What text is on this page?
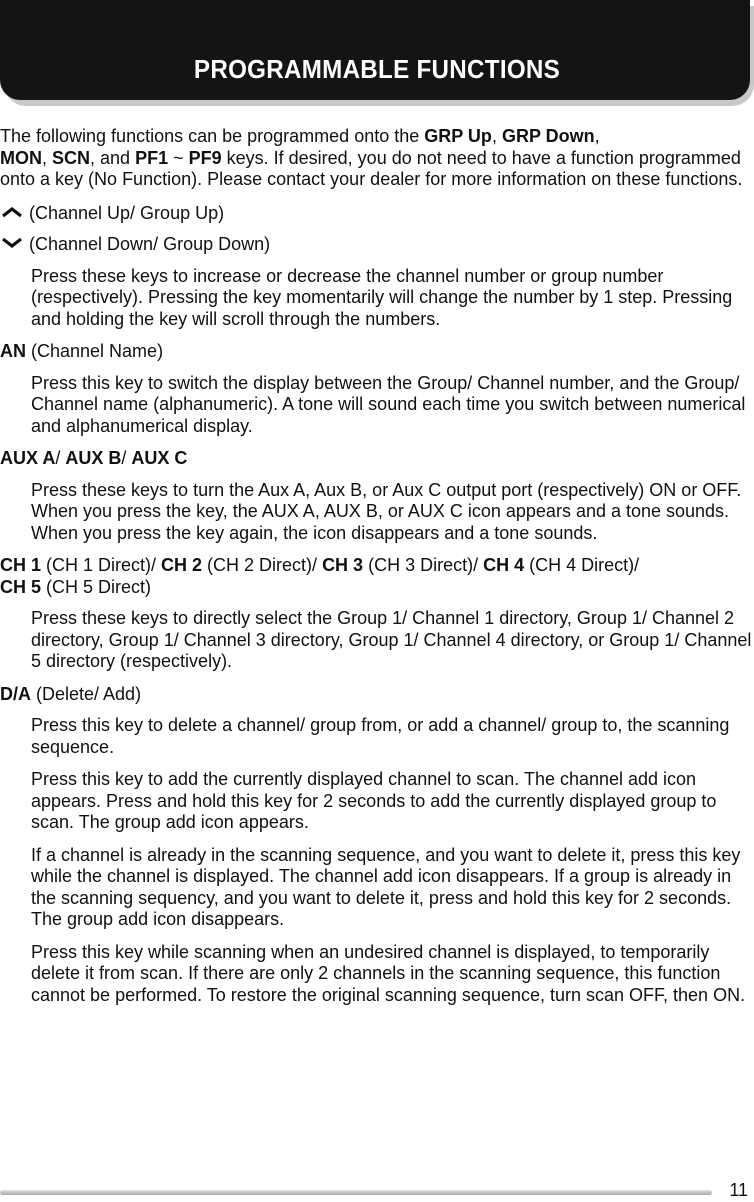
PROGRAMMABLE FUNCTIONS

The following functions can be programmed onto the GRP Up, GRP Down,
MON, SCN, and PF1 ~ PF9 keys. If desired, you do not need to have a function programmed onto a key (No Function). Please contact your dealer for more information on these functions.

(Channel Up/ Group Up)

(Channel Down/ Group Down)

Press these keys to increase or decrease the channel number or group number (respectively). Pressing the key momentarily will change the number by 1 step. Pressing and holding the key will scroll through the numbers.

AN (Channel Name)

Press this key to switch the display between the Group/ Channel number, and the Group/ Channel name (alphanumeric). A tone will sound each time you switch between numerical and alphanumerical display.

AUX A/ AUX B/ AUX C

Press these keys to turn the Aux A, Aux B, or Aux C output port (respectively) ON or OFF. When you press the key, the AUX A, AUX B, or AUX C icon appears and a tone sounds. When you press the key again, the icon disappears and a tone sounds.

CH 1 (CH 1 Direct)/ CH 2 (CH 2 Direct)/ CH 3 (CH 3 Direct)/ CH 4 (CH 4 Direct)/
CH 5 (CH 5 Direct)

Press these keys to directly select the Group 1/ Channel 1 directory, Group 1/ Channel 2 directory, Group 1/ Channel 3 directory, Group 1/ Channel 4 directory, or Group 1/ Channel 5 directory (respectively).

D/A (Delete/ Add)

Press this key to delete a channel/ group from, or add a channel/ group to, the scanning sequence.

Press this key to add the currently displayed channel to scan. The channel add icon appears. Press and hold this key for 2 seconds to add the currently displayed group to scan. The group add icon appears.

If a channel is already in the scanning sequence, and you want to delete it, press this key while the channel is displayed. The channel add icon disappears. If a group is already in the scanning sequency, and you want to delete it, press and hold this key for 2 seconds. The group add icon disappears.

Press this key while scanning when an undesired channel is displayed, to temporarily delete it from scan. If there are only 2 channels in the scanning sequence, this function cannot be performed. To restore the original scanning sequence, turn scan OFF, then ON.

11
